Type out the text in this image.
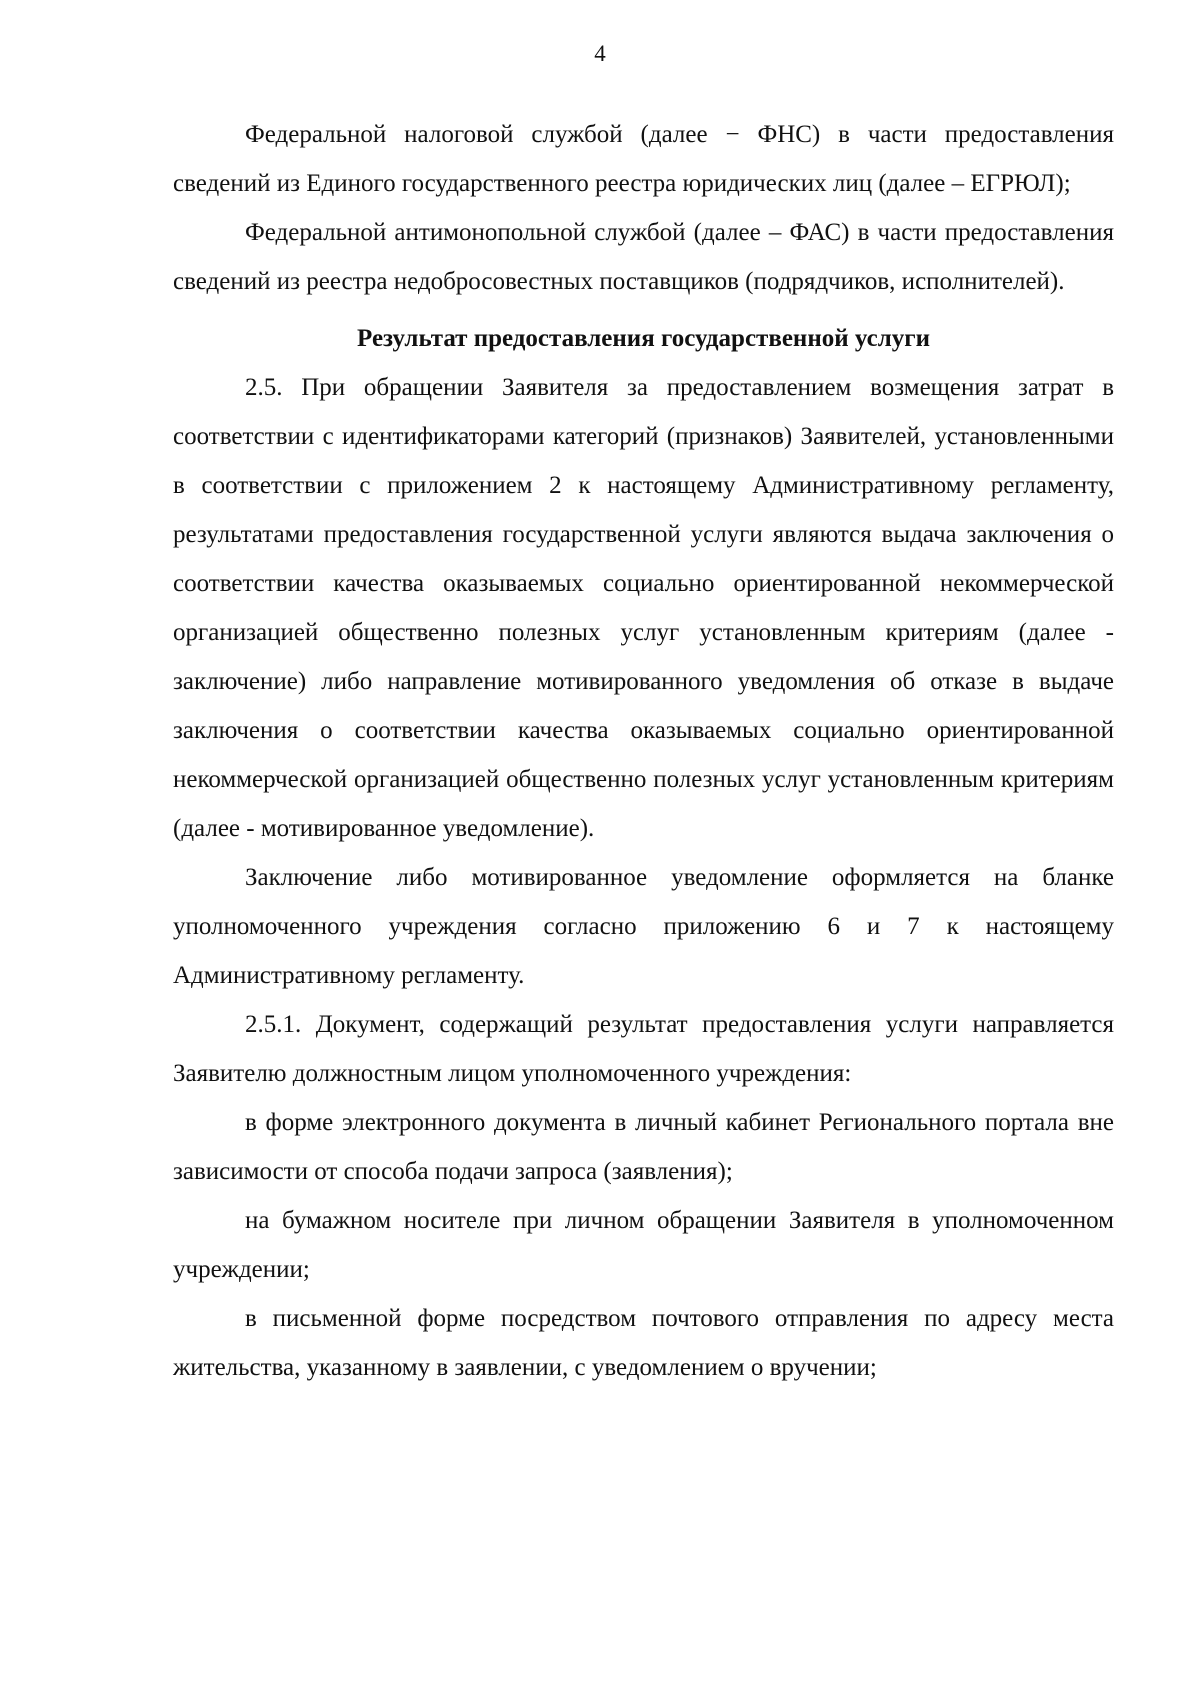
4

Федеральной налоговой службой (далее − ФНС) в части предоставления сведений из Единого государственного реестра юридических лиц (далее – ЕГРЮЛ);

Федеральной антимонопольной службой (далее – ФАС) в части предоставления сведений из реестра недобросовестных поставщиков (подрядчиков, исполнителей).

Результат предоставления государственной услуги

2.5. При обращении Заявителя за предоставлением возмещения затрат в соответствии с идентификаторами категорий (признаков) Заявителей, установленными в соответствии с приложением 2 к настоящему Административному регламенту, результатами предоставления государственной услуги являются выдача заключения о соответствии качества оказываемых социально ориентированной некоммерческой организацией общественно полезных услуг установленным критериям (далее - заключение) либо направление мотивированного уведомления об отказе в выдаче заключения о соответствии качества оказываемых социально ориентированной некоммерческой организацией общественно полезных услуг установленным критериям (далее - мотивированное уведомление).

Заключение либо мотивированное уведомление оформляется на бланке уполномоченного учреждения согласно приложению 6 и 7 к настоящему Административному регламенту.

2.5.1. Документ, содержащий результат предоставления услуги направляется Заявителю должностным лицом уполномоченного учреждения:

в форме электронного документа в личный кабинет Регионального портала вне зависимости от способа подачи запроса (заявления);

на бумажном носителе при личном обращении Заявителя в уполномоченном учреждении;

в письменной форме посредством почтового отправления по адресу места жительства, указанному в заявлении, с уведомлением о вручении;
